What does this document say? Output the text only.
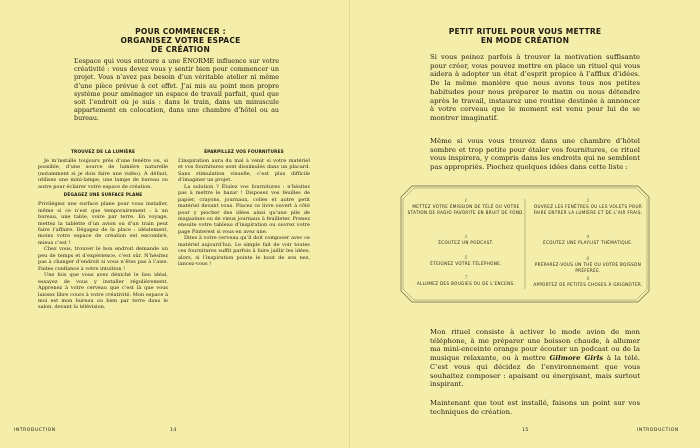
POUR COMMENCER :
ORGANISEZ VOTRE ESPACE
DE CRÉATION

L’espace qui vous entoure a une ÉNORME influence sur votre créativité : vous devez vous y sentir bien pour commencer un projet. Vous n’avez pas besoin d’un véritable atelier ni même d’une pièce prévue à cet effet. J’ai mis au point mon propre système pour aménager un espace de travail parfait, quel que soit l’endroit où je suis : dans le train, dans un minuscule appartement en colocation, dans une chambre d’hôtel ou au bureau.

TROUVEZ DE LA LUMIÈRE

Je m’installe toujours près d’une fenêtre ou, si possible, d’une source de lumière naturelle (notamment si je dois faire une vidéo). À défaut, utilisez une mini-lampe, une lampe de bureau ou autre pour éclairer votre espace de création.

DÉGAGEZ UNE SURFACE PLANE

Privilégiez une surface plane pour vous installer, même si ce n’est que temporairement : à un bureau, une table, voire par terre. En voyage, mettez la tablette d’un avion ou d’un train peut faire l’affaire. Dégagez de la place : idéalement, moins votre espace de création est encombré, mieux c’est !

Chez vous, trouver le bon endroit demande un peu de temps et d’expérience, c’est sûr. N’hésitez pas à changer d’endroit si vous n’êtes pas à l’aise. Faites confiance à votre intuition !

Une fois que vous avez déniché le lieu idéal, essayez de vous y installer régulièrement. Apprenez à votre cerveau que c’est là que vous laissez libre cours à votre créativité. Mon espace à moi est mon bureau ou bien par terre dans le salon, devant la télévision.

ÉPARPILLEZ VOS FOURNITURES

L’inspiration aura du mal à venir si votre matériel et vos fournitures sont dissimulés dans un placard. Sans stimulation visuelle, c’est plus difficile d’imaginer un projet.

La solution ? Étalez vos fournitures : n’hésitez pas à mettre le bazar ! Disposez vos feuilles de papier, crayons, journaux, colles et autre petit matériel devant vous. Placez ce livre ouvert à côté pour y piocher des idées ainsi qu’une pile de magazines ou de vieux journaux à feuilleter. Prenez ensuite votre tableau d’inspiration ou ouvrez votre page Pinterest si vous en avez une.

Dites à votre cerveau qu’il doit composer avec ce matériel aujourd’hui. Le simple fait de voir toutes ces fournitures suffit parfois à faire jaillir les idées, alors, si l’inspiration pointe le bout de son nez, lancez-vous !

INTRODUCTION	14
PETIT RITUEL POUR VOUS METTRE
EN MODE CRÉATION

Si vous peinez parfois à trouver la motivation suffisante pour créer, vous pouvez mettre en place un rituel qui vous aidera à adopter un état d’esprit propice à l’afflux d’idées. De la même manière que nous avons tous nos petites habitudes pour nous préparer le matin ou nous détendre après le travail, instaurez une routine destinée à annoncer à votre cerveau que le moment est venu pour lui de se montrer imaginatif.

Même si vous vous trouvez dans une chambre d’hôtel sombre et trop petite pour étaler vos fournitures, ce rituel vous inspirera, y compris dans les endroits qui ne semblent pas appropriés. Piochez quelques idées dans cette liste :

1
METTEZ VOTRE ÉMISSION DE TÉLÉ OU VOTRE STATION DE RADIO FAVORITE EN BRUIT DE FOND.
2
OUVREZ LES FENÊTRES OU LES VOLETS POUR FAIRE ENTRER LA LUMIÈRE ET DE L’AIR FRAIS.
3
ÉCOUTEZ UN PODCAST.
4
ÉCOUTEZ UNE PLAYLIST THÉMATIQUE.
5
ÉTEIGNEZ VOTRE TÉLÉPHONE.
6
PRÉPAREZ-VOUS UN THÉ OU VOTRE BOISSON PRÉFÉRÉE.
7
ALLUMEZ DES BOUGIES OU DE L’ENCENS.
8
APPORTEZ DE PETITES CHOSES À GRIGNOTER.

Mon rituel consiste à activer le mode avion de mon téléphone, à me préparer une boisson chaude, à allumer ma mini-enceinte orange pour écouter un podcast ou de la musique relaxante, ou à mettre Gilmore Girls à la télé. C’est vous qui décidez de l’environnement que vous souhaitez composer : apaisant ou énergisant, mais surtout inspirant.

Maintenant que tout est installé, faisons un point sur vos techniques de création.

15	INTRODUCTION
